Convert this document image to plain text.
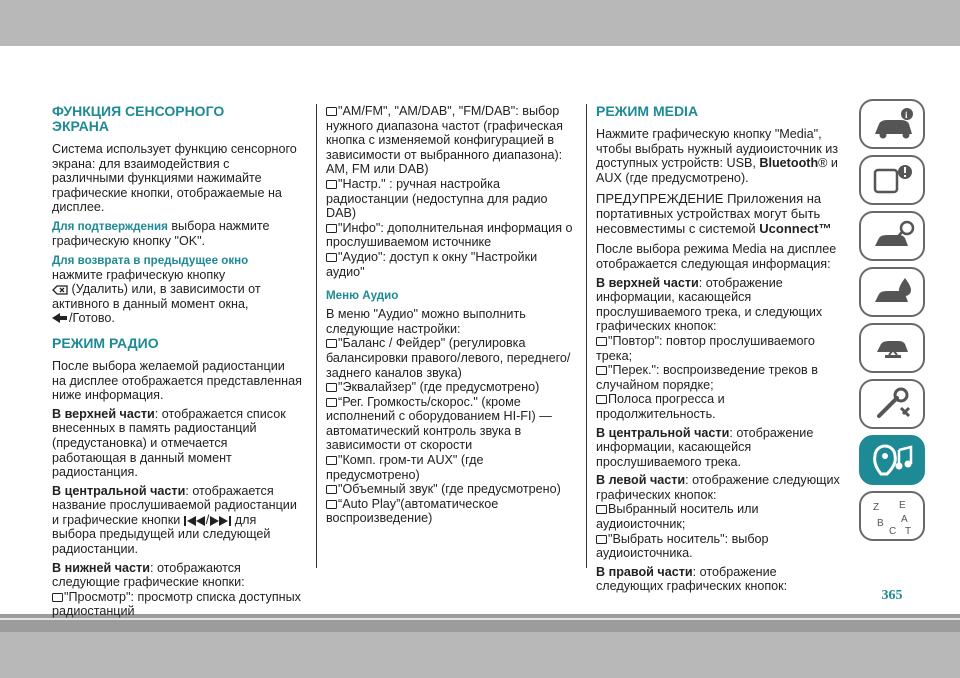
ФУНКЦИЯ СЕНСОРНОГО
ЭКРАНА
Система использует функцию сенсорного экрана: для взаимодействия с различными функциями нажимайте графические кнопки, отображаемые на дисплее.
Для подтверждения выбора нажмите графическую кнопку "OK".
Для возврата в предыдущее окно нажмите графическую кнопку

(Удалить) или, в зависимости от активного в данный момент окна,
/Готово.
РЕЖИМ РАДИО
После выбора желаемой радиостанции на дисплее отображается представленная ниже информация.
В верхней части: отображается список внесенных в память радиостанций (предустановка) и отмечается работающая в данный момент радиостанция.
В центральной части: отображается название прослушиваемой радиостанции и графические кнопки / для выбора предыдущей или следующей радиостанции.
В нижней части: отображаются следующие графические кнопки:
"Просмотр": просмотр списка доступных радиостанций
"AM/FM", "AM/DAB", "FM/DAB": выбор нужного диапазона частот (графическая кнопка с изменяемой конфигурацией в зависимости от выбранного диапазона): AM, FM или DAB)
"Настр." : ручная настройка радиостанции (недоступна для радио DAB)
"Инфо": дополнительная информация о прослушиваемом источнике
"Аудио": доступ к окну "Настройки аудио"
Меню Аудио
В меню "Аудио" можно выполнить следующие настройки:
"Баланс / Фейдер" (регулировка балансировки правого/левого, переднего/заднего каналов звука)
"Эквалайзер" (где предусмотрено)
“Рег. Громкость/скорос." (кроме исполнений с оборудованием HI-FI) — автоматический контроль звука в зависимости от скорости
"Комп. гром-ти AUX" (где предусмотрено)
"Объемный звук" (где предусмотрено)
“Auto Play”(автоматическое воспроизведение)
РЕЖИМ MEDIA
Нажмите графическую кнопку "Media", чтобы выбрать нужный аудиоисточник из доступных устройств: USB, Bluetooth® и AUX (где предусмотрено).
ПРЕДУПРЕЖДЕНИЕ Приложения на портативных устройствах могут быть несовместимы с системой Uconnect™
После выбора режима Media на дисплее отображается следующая информация:
В верхней части: отображение информации, касающейся прослушиваемого трека, и следующих графических кнопок:
"Повтор": повтор прослушиваемого трека;
"Перек.": воспроизведение треков в случайном порядке;
Полоса прогресса и продолжительность.
В центральной части: отображение информации, касающейся прослушиваемого трека.
В левой части: отображение следующих графических кнопок:
Выбранный носитель или аудиоисточник;
"Выбрать носитель": выбор аудиоисточника.
В правой части: отображение следующих графических кнопок:
i
Z E
B A
C T
365
